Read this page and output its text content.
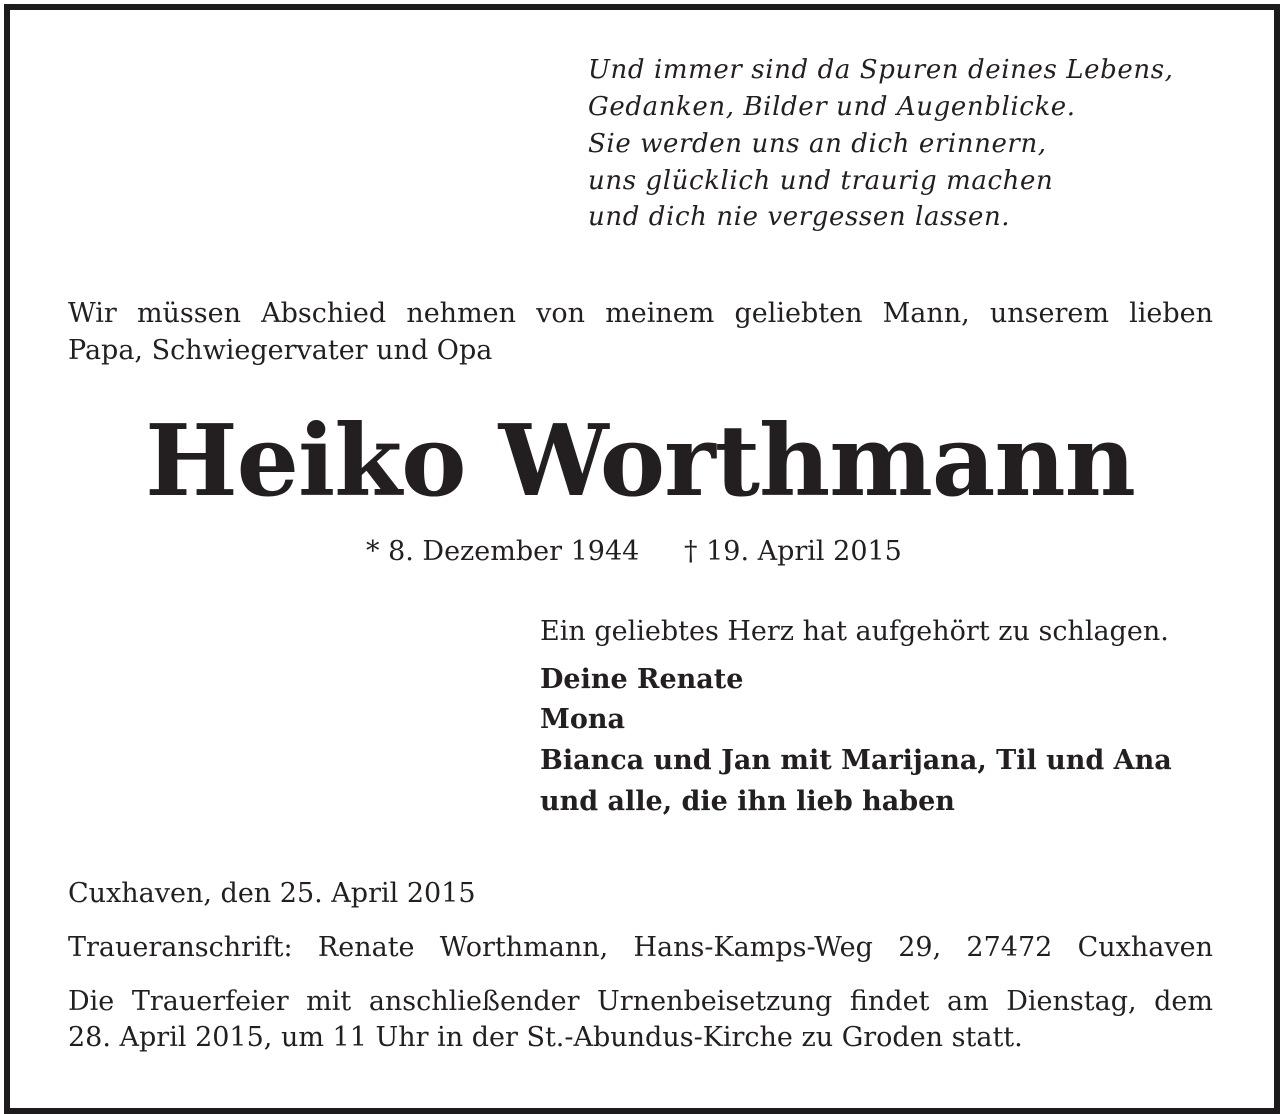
Und immer sind da Spuren deines Lebens,

Gedanken, Bilder und Augenblicke.

Sie werden uns an dich erinnern,

uns glücklich und traurig machen

und dich nie vergessen lassen.

Wir müssen Abschied nehmen von meinem geliebten Mann, unserem lieben

Papa, Schwiegervater und Opa

Heiko Worthmann

* 8. Dezember 1944 † 19. April 2015

Ein geliebtes Herz hat aufgehört zu schlagen.

Deine Renate

Mona

Bianca und Jan mit Marijana, Til und Ana

und alle, die ihn lieb haben

Cuxhaven, den 25. April 2015

Traueranschrift: Renate Worthmann, Hans-Kamps-Weg 29, 27472 Cuxhaven

Die Trauerfeier mit anschließender Urnenbeisetzung findet am Dienstag, dem

28. April 2015, um 11 Uhr in der St.-Abundus-Kirche zu Groden statt.
